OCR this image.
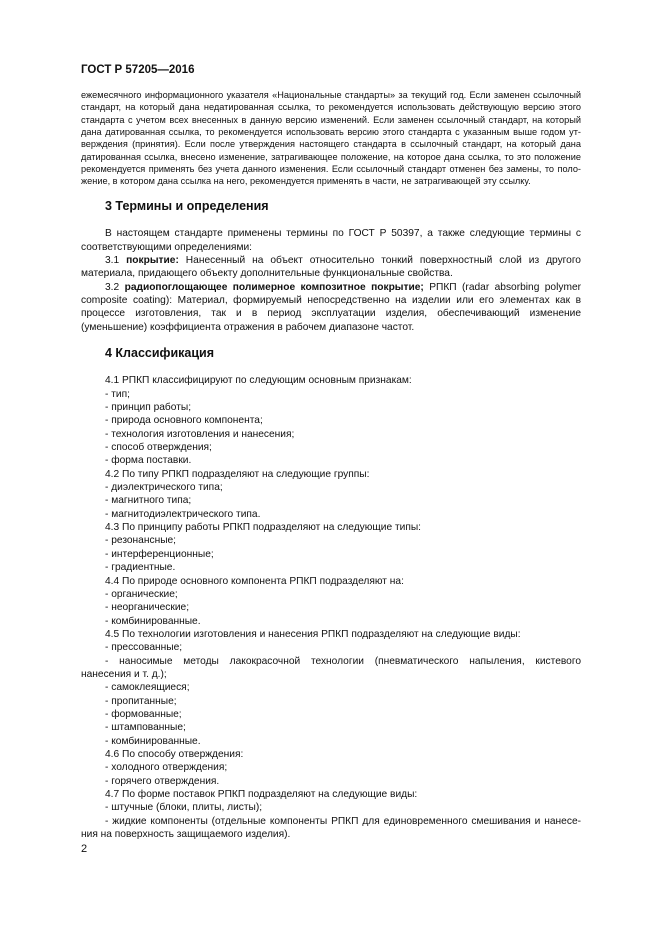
ГОСТ Р 57205—2016

ежемесячного информационного указателя «Национальные стандарты» за текущий год. Если заменен ссылочный

стандарт, на который дана недатированная ссылка, то рекомендуется использовать действующую версию этого

стандарта с учетом всех внесенных в данную версию изменений. Если заменен ссылочный стандарт, на который

дана датированная ссылка, то рекомендуется использовать версию этого стандарта с указанным выше годом ут-

верждения (принятия). Если после утверждения настоящего стандарта в ссылочный стандарт, на который дана

датированная ссылка, внесено изменение, затрагивающее положение, на которое дана ссылка, то это положение

рекомендуется применять без учета данного изменения. Если ссылочный стандарт отменен без замены, то поло-

жение, в котором дана ссылка на него, рекомендуется применять в части, не затрагивающей эту ссылку.

3 Термины и определения

В настоящем стандарте применены термины по ГОСТ Р 50397, а также следующие термины с соответствующими определениями:

3.1 покрытие: Нанесенный на объект относительно тонкий поверхностный слой из другого материала, придающего объекту дополнительные функциональные свойства.

3.2 радиопоглощающее полимерное композитное покрытие; РПКП (radar absorbing polymer composite coating): Материал, формируемый непосредственно на изделии или его элементах как в процессе изготовления, так и в период эксплуатации изделия, обеспечивающий изменение (уменьшение) коэффициента отражения в рабочем диапазоне частот.

4 Классификация

4.1 РПКП классифицируют по следующим основным признакам:

- тип;

- принцип работы;

- природа основного компонента;

- технология изготовления и нанесения;

- способ отверждения;

- форма поставки.

4.2 По типу РПКП подразделяют на следующие группы:

- диэлектрического типа;

- магнитного типа;

- магнитодиэлектрического типа.

4.3 По принципу работы РПКП подразделяют на следующие типы:

- резонансные;

- интерференционные;

- градиентные.

4.4 По природе основного компонента РПКП подразделяют на:

- органические;

- неорганические;

- комбинированные.

4.5 По технологии изготовления и нанесения РПКП подразделяют на следующие виды:

- прессованные;

- наносимые методы лакокрасочной технологии (пневматического напыления, кистевого

нанесения и т. д.);

- самоклеящиеся;

- пропитанные;

- формованные;

- штампованные;

- комбинированные.

4.6 По способу отверждения:

- холодного отверждения;

- горячего отверждения.

4.7 По форме поставок РПКП подразделяют на следующие виды:

- штучные (блоки, плиты, листы);

- жидкие компоненты (отдельные компоненты РПКП для единовременного смешивания и нанесе-

ния на поверхность защищаемого изделия).

2
